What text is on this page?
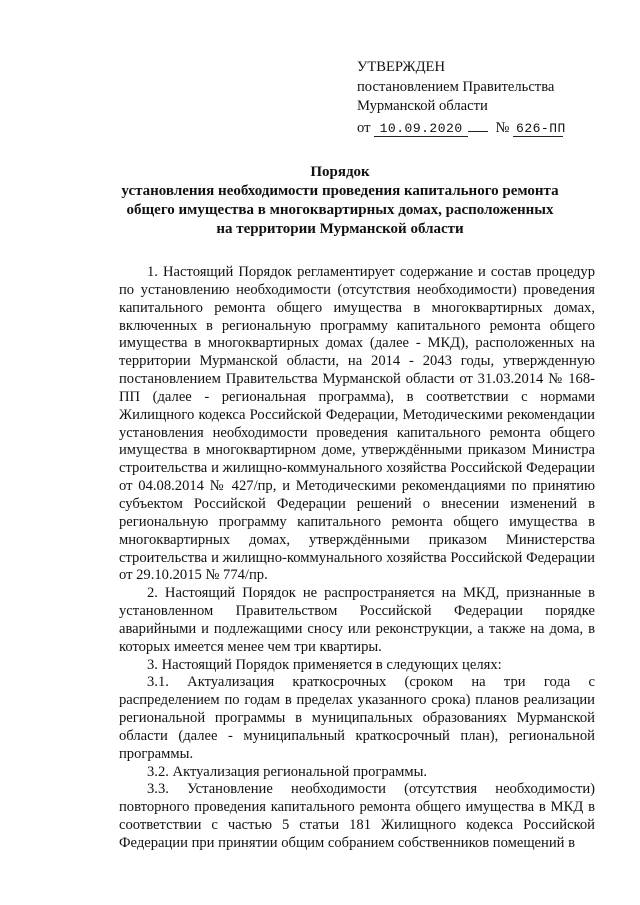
УТВЕРЖДЕН
постановлением Правительства
Мурманской области
от 10.09.2020 № 626-ПП
Порядок
установления необходимости проведения капитального ремонта
общего имущества в многоквартирных домах, расположенных
на территории Мурманской области
1. Настоящий Порядок регламентирует содержание и состав процедур по установлению необходимости (отсутствия необходимости) проведения капитального ремонта общего имущества в многоквартирных домах, включенных в региональную программу капитального ремонта общего имущества в многоквартирных домах (далее - МКД), расположенных на территории Мурманской области, на 2014 - 2043 годы, утвержденную постановлением Правительства Мурманской области от 31.03.2014 № 168-ПП (далее - региональная программа), в соответствии с нормами Жилищного кодекса Российской Федерации, Методическими рекомендации установления необходимости проведения капитального ремонта общего имущества в многоквартирном доме, утверждёнными приказом Министра строительства и жилищно-коммунального хозяйства Российской Федерации от 04.08.2014 № 427/пр, и Методическими рекомендациями по принятию субъектом Российской Федерации решений о внесении изменений в региональную программу капитального ремонта общего имущества в многоквартирных домах, утверждёнными приказом Министерства строительства и жилищно-коммунального хозяйства Российской Федерации от 29.10.2015 № 774/пр.
2. Настоящий Порядок не распространяется на МКД, признанные в установленном Правительством Российской Федерации порядке аварийными и подлежащими сносу или реконструкции, а также на дома, в которых имеется менее чем три квартиры.
3. Настоящий Порядок применяется в следующих целях:
3.1. Актуализация краткосрочных (сроком на три года с распределением по годам в пределах указанного срока) планов реализации региональной программы в муниципальных образованиях Мурманской области (далее - муниципальный краткосрочный план), региональной программы.
3.2. Актуализация региональной программы.
3.3. Установление необходимости (отсутствия необходимости) повторного проведения капитального ремонта общего имущества в МКД в соответствии с частью 5 статьи 181 Жилищного кодекса Российской Федерации при принятии общим собранием собственников помещений в
